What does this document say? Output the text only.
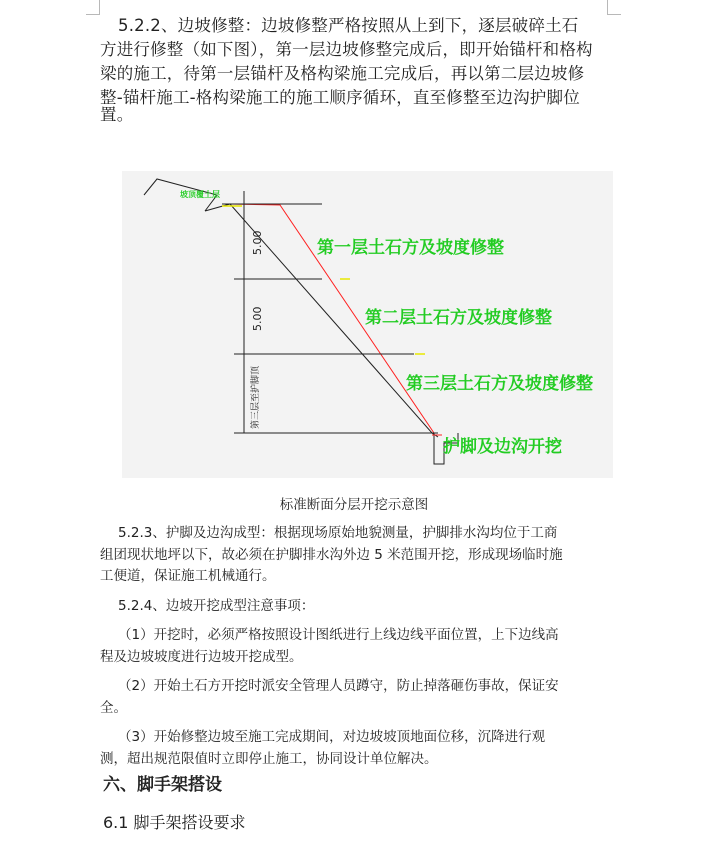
5.2.2、边坡修整：边坡修整严格按照从上到下，逐层破碎土石
方进行修整（如下图），第一层边坡修整完成后，即开始锚杆和格构
梁的施工，待第一层锚杆及格构梁施工完成后，再以第二层边坡修
整-锚杆施工-格构梁施工的施工顺序循环，直至修整至边沟护脚位
置。
坡顶覆土层
5.00
5.00
第三层至护脚顶
第一层土石方及坡度修整
第二层土石方及坡度修整
第三层土石方及坡度修整
护脚及边沟开挖
标准断面分层开挖示意图
5.2.3、护脚及边沟成型：根据现场原始地貌测量，护脚排水沟均位于工商
组团现状地坪以下，故必须在护脚排水沟外边 5 米范围开挖，形成现场临时施
工便道，保证施工机械通行。
5.2.4、边坡开挖成型注意事项：
（1）开挖时，必须严格按照设计图纸进行上线边线平面位置，上下边线高
程及边坡坡度进行边坡开挖成型。
（2）开始土石方开挖时派安全管理人员蹲守，防止掉落砸伤事故，保证安
全。
（3）开始修整边坡至施工完成期间，对边坡坡顶地面位移，沉降进行观
测，超出规范限值时立即停止施工，协同设计单位解决。
六、脚手架搭设
6.1 脚手架搭设要求
